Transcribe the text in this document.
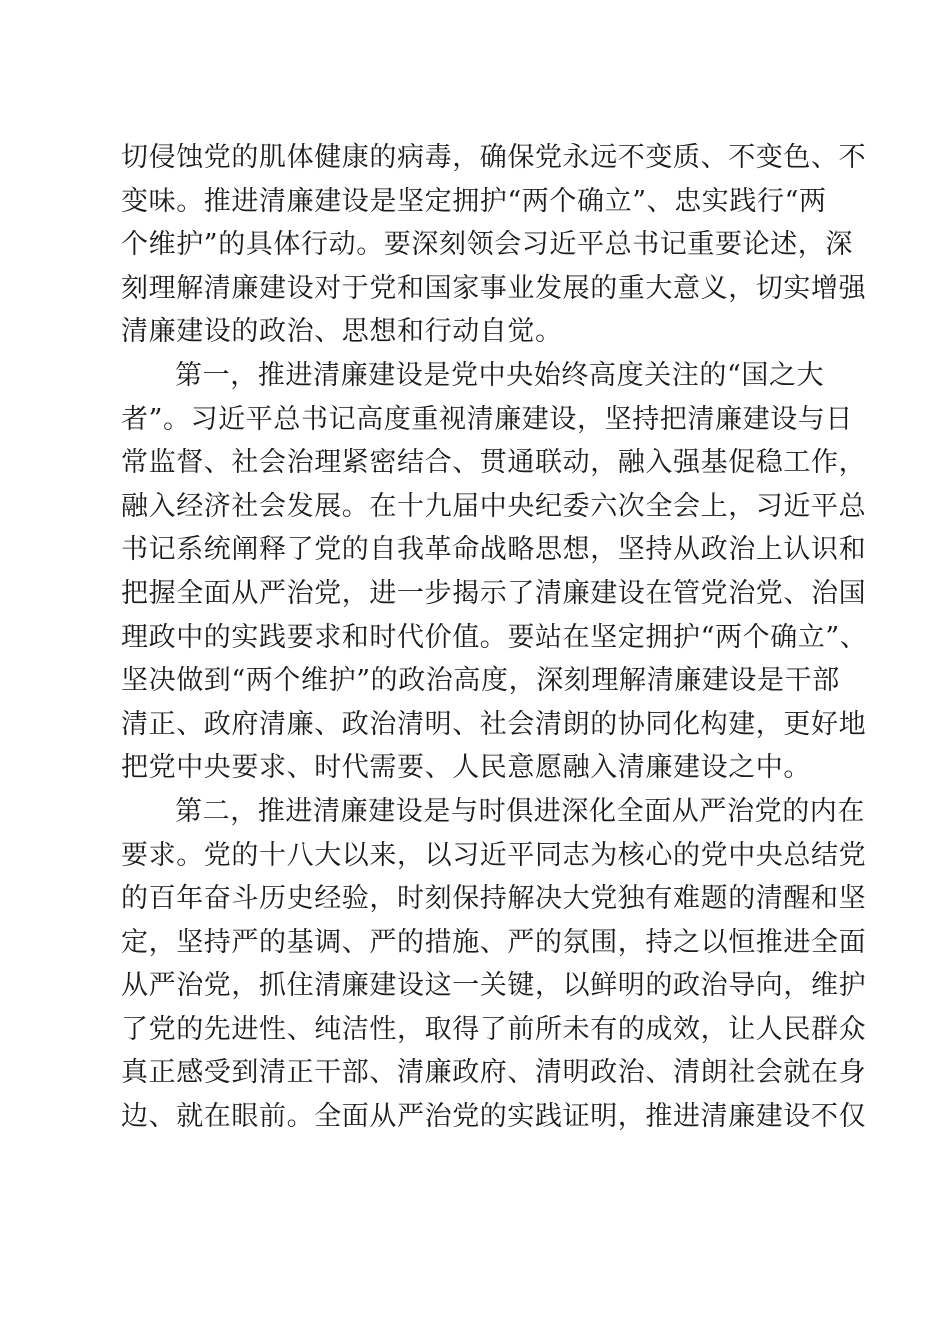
切侵蚀党的肌体健康的病毒，确保党永远不变质、不变色、不
变味。推进清廉建设是坚定拥护“两个确立”、忠实践行“两
个维护”的具体行动。要深刻领会习近平总书记重要论述，深
刻理解清廉建设对于党和国家事业发展的重大意义，切实增强
清廉建设的政治、思想和行动自觉。
第一，推进清廉建设是党中央始终高度关注的“国之大
者”。习近平总书记高度重视清廉建设，坚持把清廉建设与日
常监督、社会治理紧密结合、贯通联动，融入强基促稳工作，
融入经济社会发展。在十九届中央纪委六次全会上，习近平总
书记系统阐释了党的自我革命战略思想，坚持从政治上认识和
把握全面从严治党，进一步揭示了清廉建设在管党治党、治国
理政中的实践要求和时代价值。要站在坚定拥护“两个确立”、
坚决做到“两个维护”的政治高度，深刻理解清廉建设是干部
清正、政府清廉、政治清明、社会清朗的协同化构建，更好地
把党中央要求、时代需要、人民意愿融入清廉建设之中。
第二，推进清廉建设是与时俱进深化全面从严治党的内在
要求。党的十八大以来，以习近平同志为核心的党中央总结党
的百年奋斗历史经验，时刻保持解决大党独有难题的清醒和坚
定，坚持严的基调、严的措施、严的氛围，持之以恒推进全面
从严治党，抓住清廉建设这一关键，以鲜明的政治导向，维护
了党的先进性、纯洁性，取得了前所未有的成效，让人民群众
真正感受到清正干部、清廉政府、清明政治、清朗社会就在身
边、就在眼前。全面从严治党的实践证明，推进清廉建设不仅
